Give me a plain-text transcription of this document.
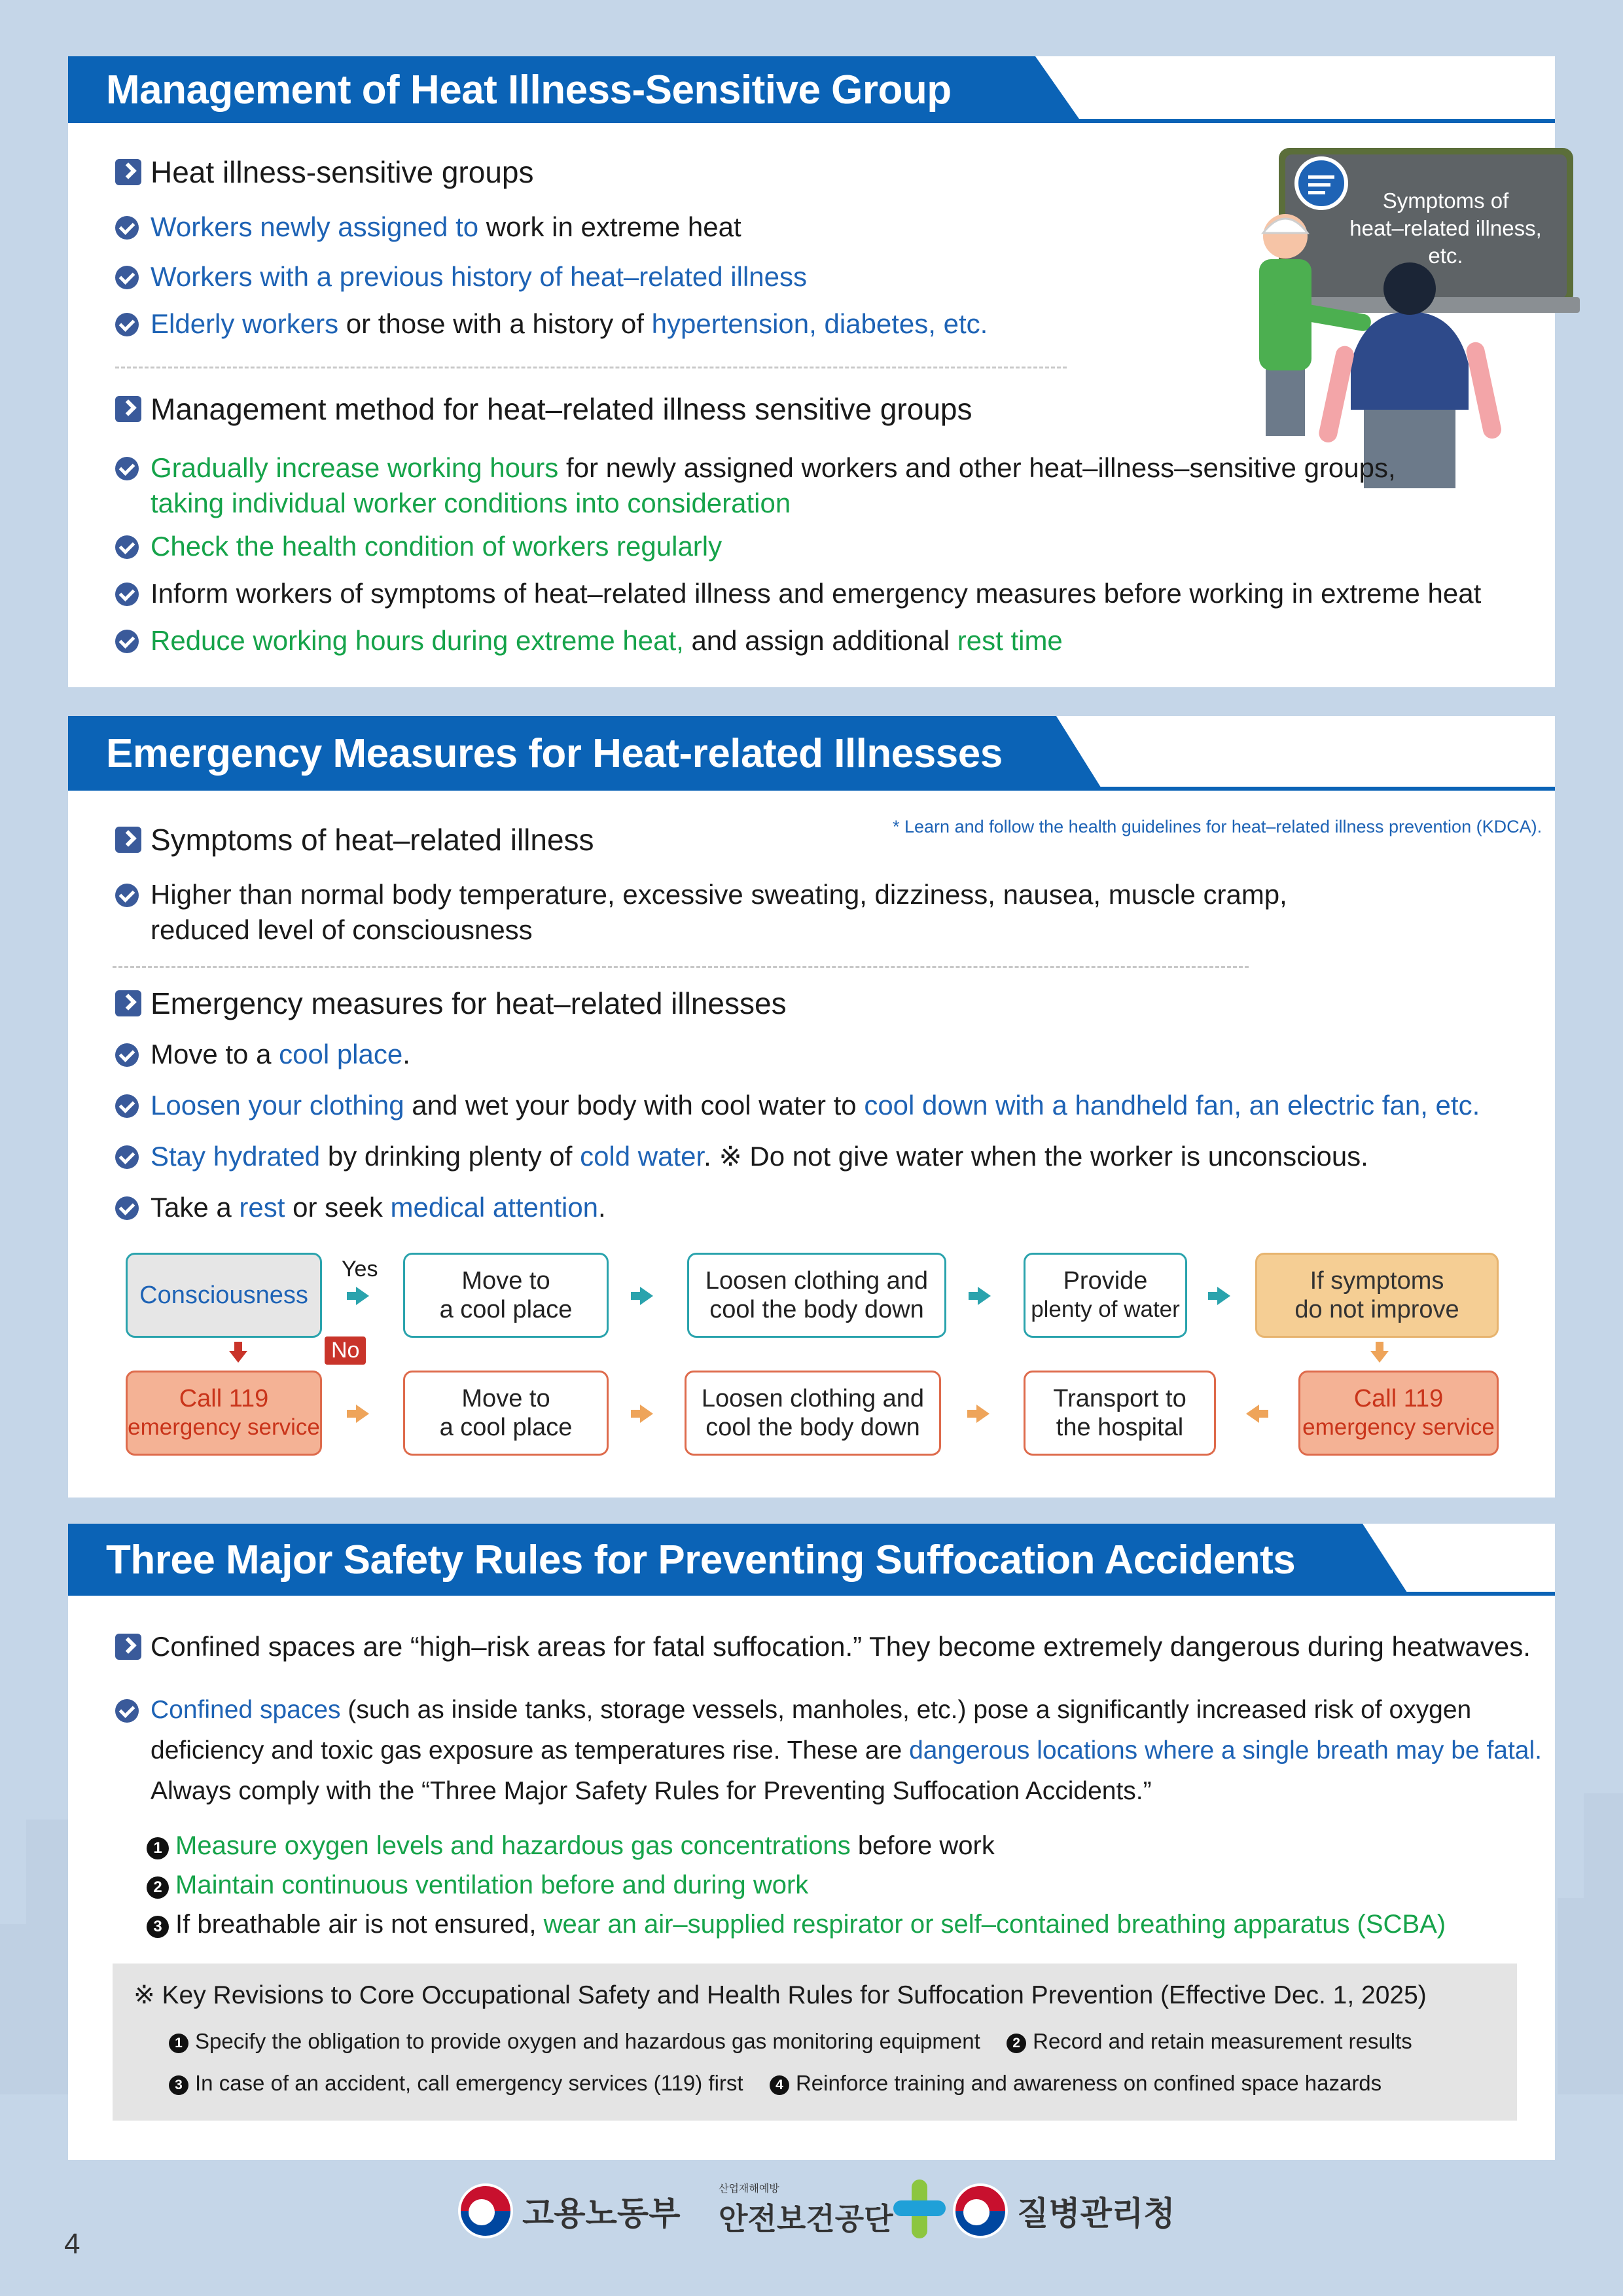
Management of Heat Illness-Sensitive Group
Heat illness-sensitive groups
Workers newly assigned to work in extreme heat
Workers with a previous history of heat–related illness
Elderly workers or those with a history of hypertension, diabetes, etc.
Symptoms of
heat–related illness,
etc.
Management method for heat–related illness sensitive groups
Gradually increase working hours for newly assigned workers and other heat–illness–sensitive groups,
taking individual worker conditions into consideration
Check the health condition of workers regularly
Inform workers of symptoms of heat–related illness and emergency measures before working in extreme heat
Reduce working hours during extreme heat, and assign additional rest time
Emergency Measures for Heat-related Illnesses
Symptoms of heat–related illness	* Learn and follow the health guidelines for heat–related illness prevention (KDCA).
Higher than normal body temperature, excessive sweating, dizziness, nausea, muscle cramp,
reduced level of consciousness
Emergency measures for heat–related illnesses
Move to a cool place.
Loosen your clothing and wet your body with cool water to cool down with a handheld fan, an electric fan, etc.
Stay hydrated by drinking plenty of cold water. ※ Do not give water when the worker is unconscious.
Take a rest or seek medical attention.
Consciousness
Yes	Move to
a cool place
Loosen clothing and
cool the body down
Provide
plenty of water
If symptoms
do not improve
No
Call 119
emergency service
Move to
a cool place
Loosen clothing and
cool the body down
Transport to
the hospital
Call 119
emergency service
Three Major Safety Rules for Preventing Suffocation Accidents
Confined spaces are “high–risk areas for fatal suffocation.” They become extremely dangerous during heatwaves.
Confined spaces (such as inside tanks, storage vessels, manholes, etc.) pose a significantly increased risk of oxygen
deficiency and toxic gas exposure as temperatures rise. These are dangerous locations where a single breath may be fatal.
Always comply with the “Three Major Safety Rules for Preventing Suffocation Accidents.”
1 Measure oxygen levels and hazardous gas concentrations before work
2 Maintain continuous ventilation before and during work
3 If breathable air is not ensured, wear an air–supplied respirator or self–contained breathing apparatus (SCBA)
※ Key Revisions to Core Occupational Safety and Health Rules for Suffocation Prevention (Effective Dec. 1, 2025)
1 Specify the obligation to provide oxygen and hazardous gas monitoring equipment 2 Record and retain measurement results
3 In case of an accident, call emergency services (119) first 4 Reinforce training and awareness on confined space hazards
고용노동부
산업재해예방
안전보건공단	질병관리청
4
